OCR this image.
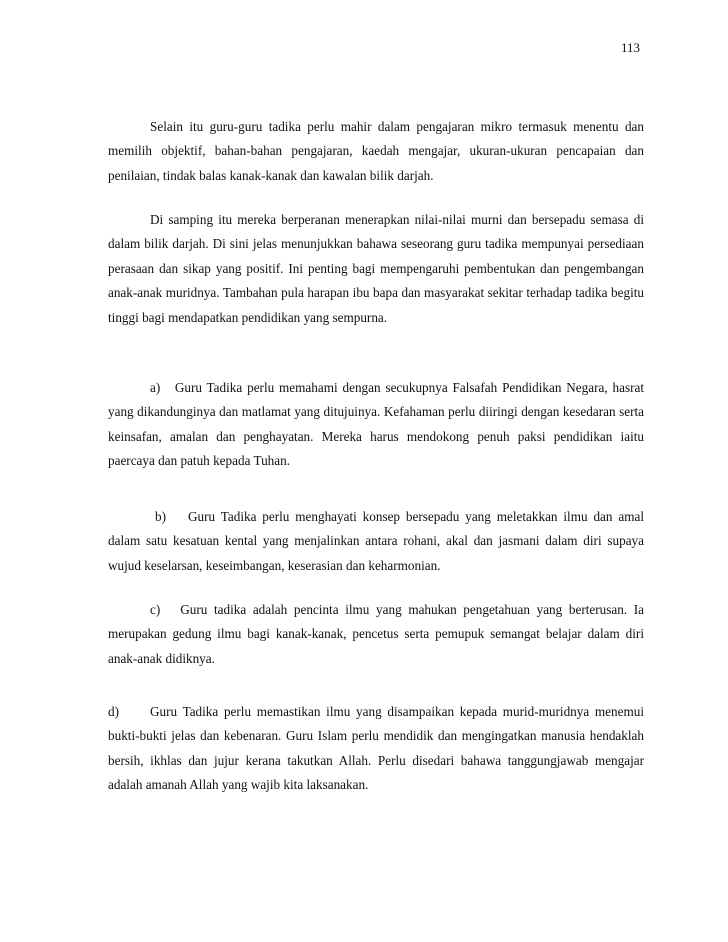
113

Selain itu guru-guru tadika perlu mahir dalam pengajaran mikro termasuk menentu dan memilih objektif, bahan-bahan pengajaran, kaedah mengajar, ukuran-ukuran pencapaian dan penilaian, tindak balas kanak-kanak dan kawalan bilik darjah.

Di samping itu mereka berperanan menerapkan nilai-nilai murni dan bersepadu semasa di dalam bilik darjah. Di sini jelas menunjukkan bahawa seseorang guru tadika mempunyai persediaan perasaan dan sikap yang positif. Ini penting bagi mempengaruhi pembentukan dan pengembangan anak-anak muridnya. Tambahan pula harapan ibu bapa dan masyarakat sekitar terhadap tadika begitu tinggi bagi mendapatkan pendidikan yang sempurna.

a) Guru Tadika perlu memahami dengan secukupnya Falsafah Pendidikan Negara, hasrat yang dikandunginya dan matlamat yang ditujuinya. Kefahaman perlu diiringi dengan kesedaran serta keinsafan, amalan dan penghayatan. Mereka harus mendokong penuh paksi pendidikan iaitu paercaya dan patuh kepada Tuhan.

b) Guru Tadika perlu menghayati konsep bersepadu yang meletakkan ilmu dan amal dalam satu kesatuan kental yang menjalinkan antara rohani, akal dan jasmani dalam diri supaya wujud keselarsan, keseimbangan, keserasian dan keharmonian.

c) Guru tadika adalah pencinta ilmu yang mahukan pengetahuan yang berterusan. Ia merupakan gedung ilmu bagi kanak-kanak, pencetus serta pemupuk semangat belajar dalam diri anak-anak didiknya.

d) Guru Tadika perlu memastikan ilmu yang disampaikan kepada murid-muridnya menemui bukti-bukti jelas dan kebenaran. Guru Islam perlu mendidik dan mengingatkan manusia hendaklah bersih, ikhlas dan jujur kerana takutkan Allah. Perlu disedari bahawa tanggungjawab mengajar adalah amanah Allah yang wajib kita laksanakan.
